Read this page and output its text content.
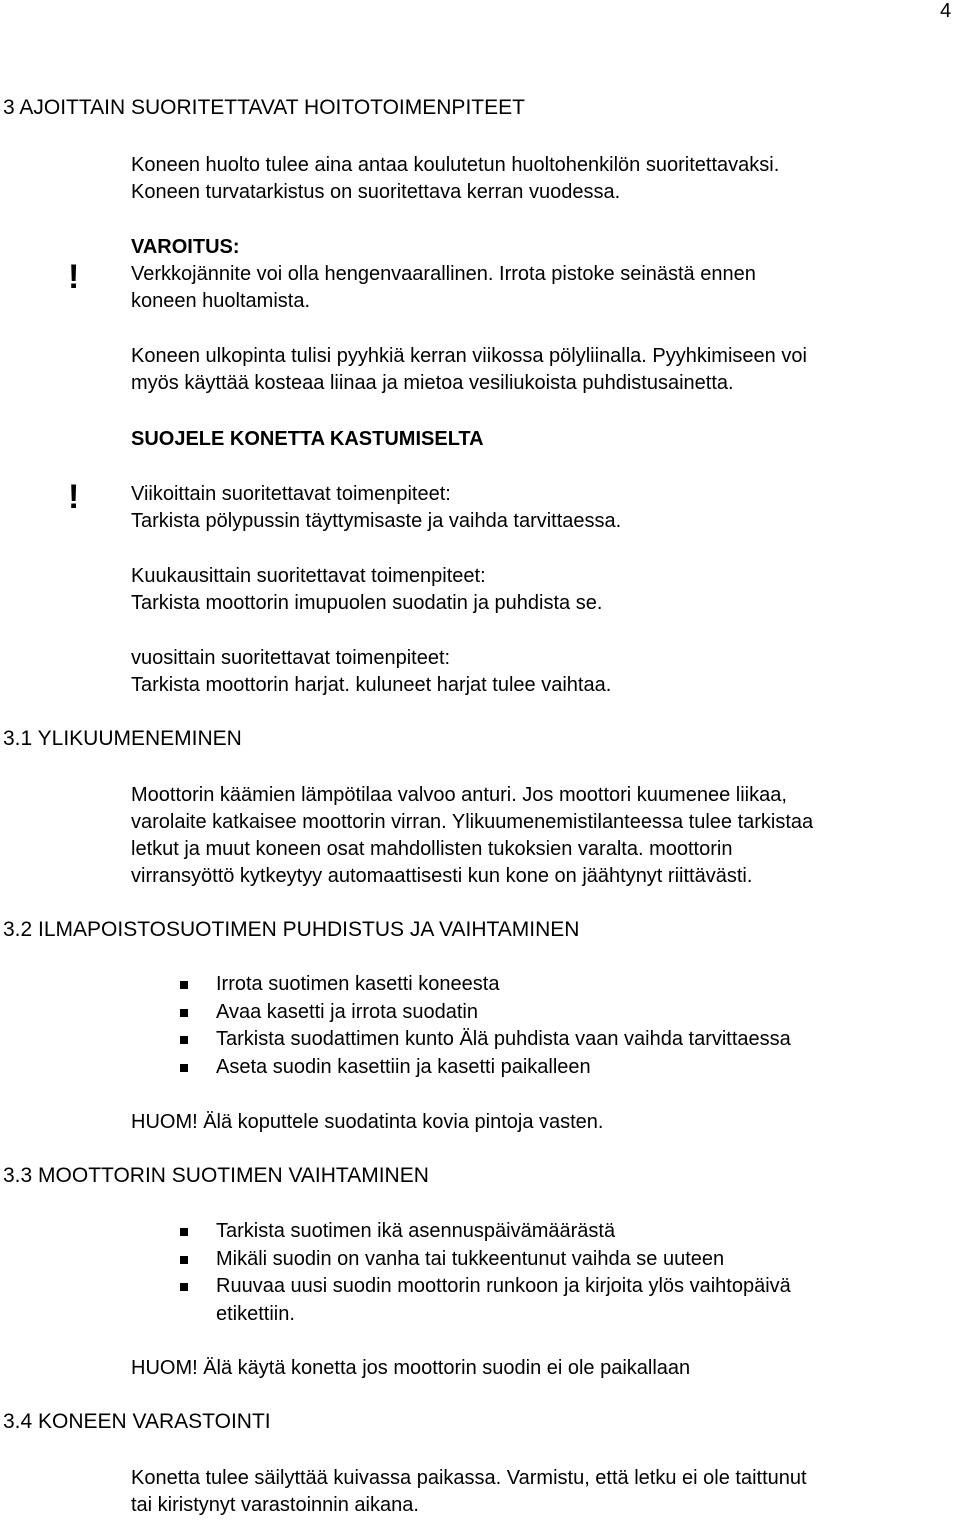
4
3 AJOITTAIN SUORITETTAVAT HOITOTOIMENPITEET
Koneen huolto tulee aina antaa koulutetun huoltohenkilön suoritettavaksi.
Koneen turvatarkistus on suoritettava kerran vuodessa.
!
VAROITUS:
Verkkojännite voi olla hengenvaarallinen. Irrota pistoke seinästä ennen
koneen huoltamista.
Koneen ulkopinta tulisi pyyhkiä kerran viikossa pölyliinalla. Pyyhkimiseen voi
myös käyttää kosteaa liinaa ja mietoa vesiliukoista puhdistusainetta.
SUOJELE KONETTA KASTUMISELTA
!	Viikoittain suoritettavat toimenpiteet:
Tarkista pölypussin täyttymisaste ja vaihda tarvittaessa.
Kuukausittain suoritettavat toimenpiteet:
Tarkista moottorin imupuolen suodatin ja puhdista se.
vuosittain suoritettavat toimenpiteet:
Tarkista moottorin harjat. kuluneet harjat tulee vaihtaa.
3.1 YLIKUUMENEMINEN
Moottorin käämien lämpötilaa valvoo anturi. Jos moottori kuumenee liikaa,
varolaite katkaisee moottorin virran. Ylikuumenemistilanteessa tulee tarkistaa
letkut ja muut koneen osat mahdollisten tukoksien varalta. moottorin
virransyöttö kytkeytyy automaattisesti kun kone on jäähtynyt riittävästi.
3.2 ILMAPOISTOSUOTIMEN PUHDISTUS JA VAIHTAMINEN
Irrota suotimen kasetti koneesta
Avaa kasetti ja irrota suodatin
Tarkista suodattimen kunto Älä puhdista vaan vaihda tarvittaessa
Aseta suodin kasettiin ja kasetti paikalleen
HUOM! Älä koputtele suodatinta kovia pintoja vasten.
3.3 MOOTTORIN SUOTIMEN VAIHTAMINEN
Tarkista suotimen ikä asennuspäivämäärästä
Mikäli suodin on vanha tai tukkeentunut vaihda se uuteen
Ruuvaa uusi suodin moottorin runkoon ja kirjoita ylös vaihtopäivä
etikettiin.
HUOM! Älä käytä konetta jos moottorin suodin ei ole paikallaan
3.4 KONEEN VARASTOINTI
Konetta tulee säilyttää kuivassa paikassa. Varmistu, että letku ei ole taittunut
tai kiristynyt varastoinnin aikana.
